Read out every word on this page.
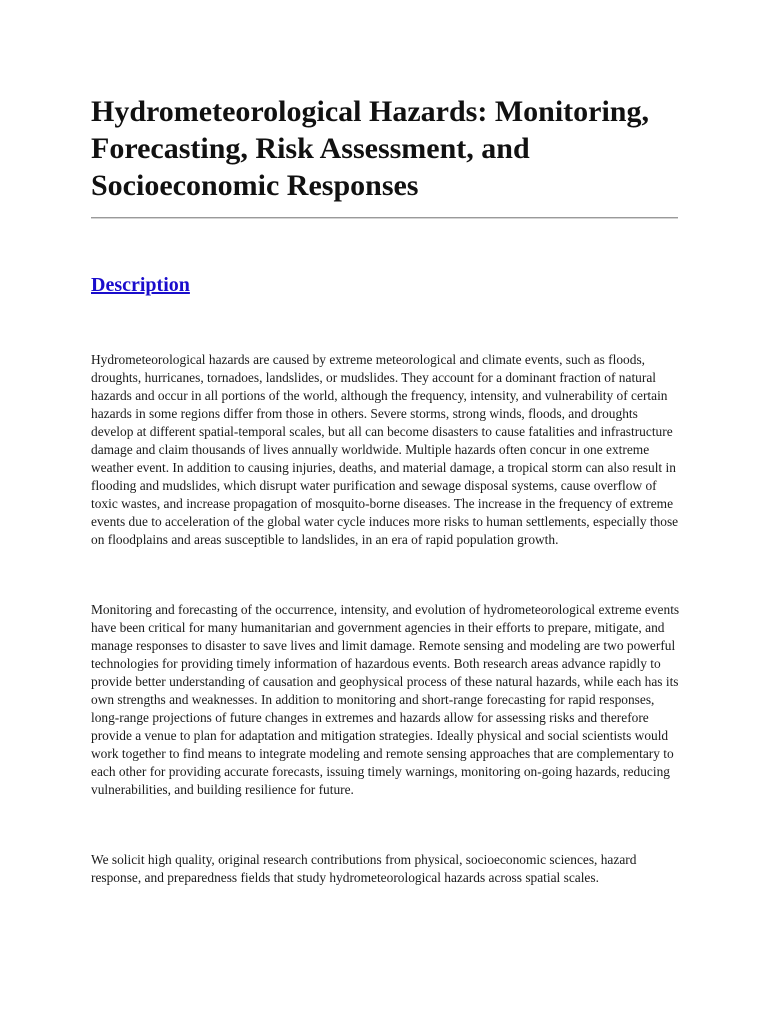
Hydrometeorological Hazards: Monitoring, Forecasting, Risk Assessment, and Socioeconomic Responses
Description

Hydrometeorological hazards are caused by extreme meteorological and climate events, such as floods, droughts, hurricanes, tornadoes, landslides, or mudslides. They account for a dominant fraction of natural hazards and occur in all portions of the world, although the frequency, intensity, and vulnerability of certain hazards in some regions differ from those in others. Severe storms, strong winds, floods, and droughts develop at different spatial-temporal scales, but all can become disasters to cause fatalities and infrastructure damage and claim thousands of lives annually worldwide. Multiple hazards often concur in one extreme weather event. In addition to causing injuries, deaths, and material damage, a tropical storm can also result in flooding and mudslides, which disrupt water purification and sewage disposal systems, cause overflow of toxic wastes, and increase propagation of mosquito-borne diseases. The increase in the frequency of extreme events due to acceleration of the global water cycle induces more risks to human settlements, especially those on floodplains and areas susceptible to landslides, in an era of rapid population growth.

Monitoring and forecasting of the occurrence, intensity, and evolution of hydrometeorological extreme events have been critical for many humanitarian and government agencies in their efforts to prepare, mitigate, and manage responses to disaster to save lives and limit damage. Remote sensing and modeling are two powerful technologies for providing timely information of hazardous events. Both research areas advance rapidly to provide better understanding of causation and geophysical process of these natural hazards, while each has its own strengths and weaknesses. In addition to monitoring and short-range forecasting for rapid responses, long-range projections of future changes in extremes and hazards allow for assessing risks and therefore provide a venue to plan for adaptation and mitigation strategies. Ideally physical and social scientists would work together to find means to integrate modeling and remote sensing approaches that are complementary to each other for providing accurate forecasts, issuing timely warnings, monitoring on-going hazards, reducing vulnerabilities, and building resilience for future.

We solicit high quality, original research contributions from physical, socioeconomic sciences, hazard response, and preparedness fields that study hydrometeorological hazards across spatial scales.
